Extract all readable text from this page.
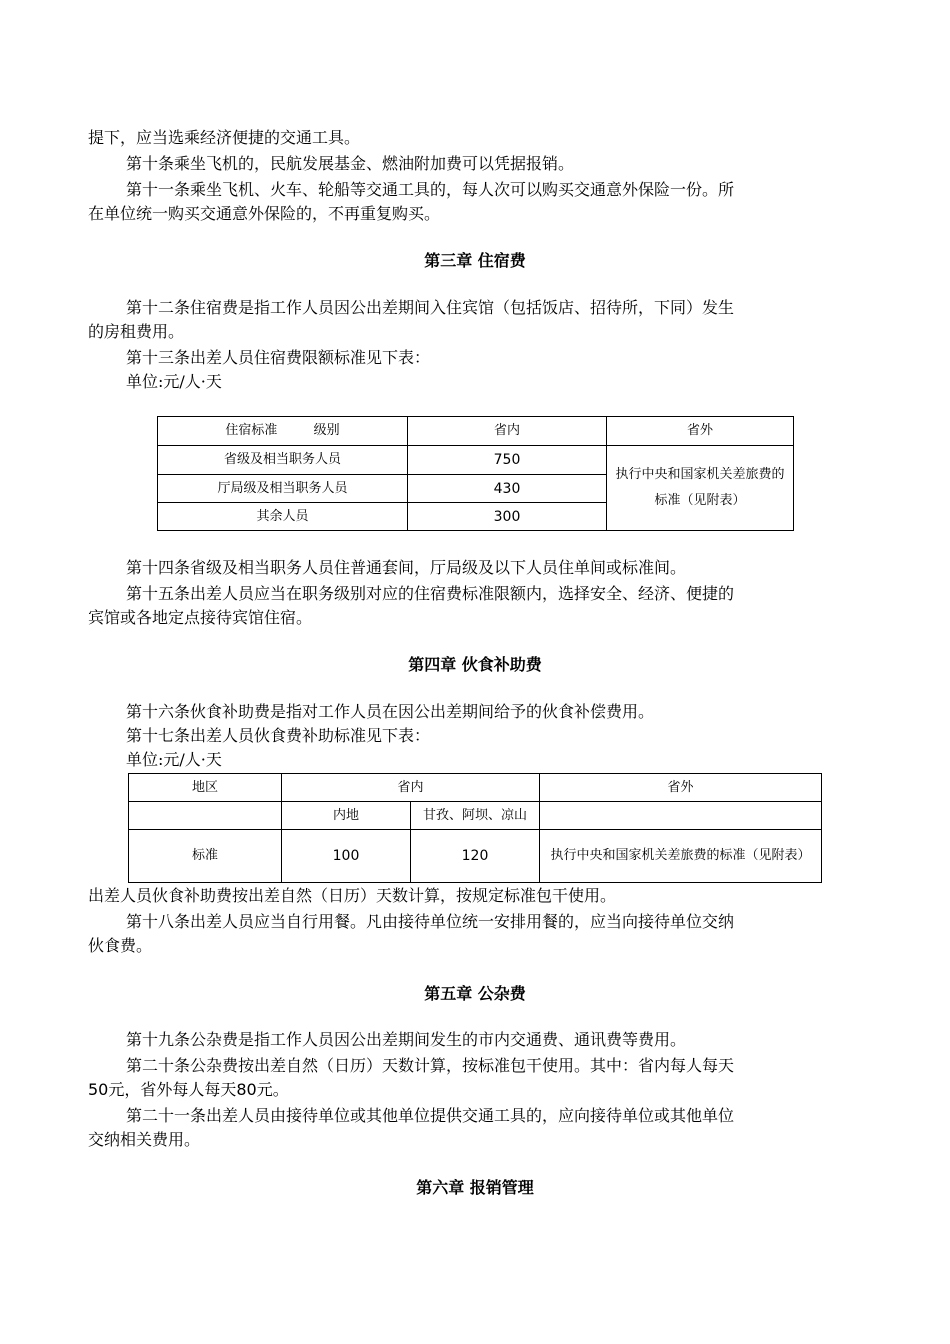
提下，应当选乘经济便捷的交通工具。
第十条乘坐飞机的，民航发展基金、燃油附加费可以凭据报销。
第十一条乘坐飞机、火车、轮船等交通工具的，每人次可以购买交通意外保险一份。所
在单位统一购买交通意外保险的，不再重复购买。
第三章 住宿费
第十二条住宿费是指工作人员因公出差期间入住宾馆（包括饭店、招待所，下同）发生
的房租费用。
第十三条出差人员住宿费限额标准见下表：
单位:元/人·天
住宿标准 级别	省内	省外
省级及相当职务人员	750	执行中央和国家机关差旅费的标准（见附表）
厅局级及相当职务人员	430	
其余人员	300	
第十四条省级及相当职务人员住普通套间，厅局级及以下人员住单间或标准间。
第十五条出差人员应当在职务级别对应的住宿费标准限额内，选择安全、经济、便捷的
宾馆或各地定点接待宾馆住宿。
第四章 伙食补助费
第十六条伙食补助费是指对工作人员在因公出差期间给予的伙食补偿费用。
第十七条出差人员伙食费补助标准见下表：
单位:元/人·天
地区	省内		省外
	内地	甘孜、阿坝、凉山	
标准	100	120	执行中央和国家机关差旅费的标准（见附表）
出差人员伙食补助费按出差自然（日历）天数计算，按规定标准包干使用。
第十八条出差人员应当自行用餐。凡由接待单位统一安排用餐的，应当向接待单位交纳
伙食费。
第五章 公杂费
第十九条公杂费是指工作人员因公出差期间发生的市内交通费、通讯费等费用。
第二十条公杂费按出差自然（日历）天数计算，按标准包干使用。其中：省内每人每天
50元，省外每人每天80元。
第二十一条出差人员由接待单位或其他单位提供交通工具的，应向接待单位或其他单位
交纳相关费用。
第六章 报销管理
